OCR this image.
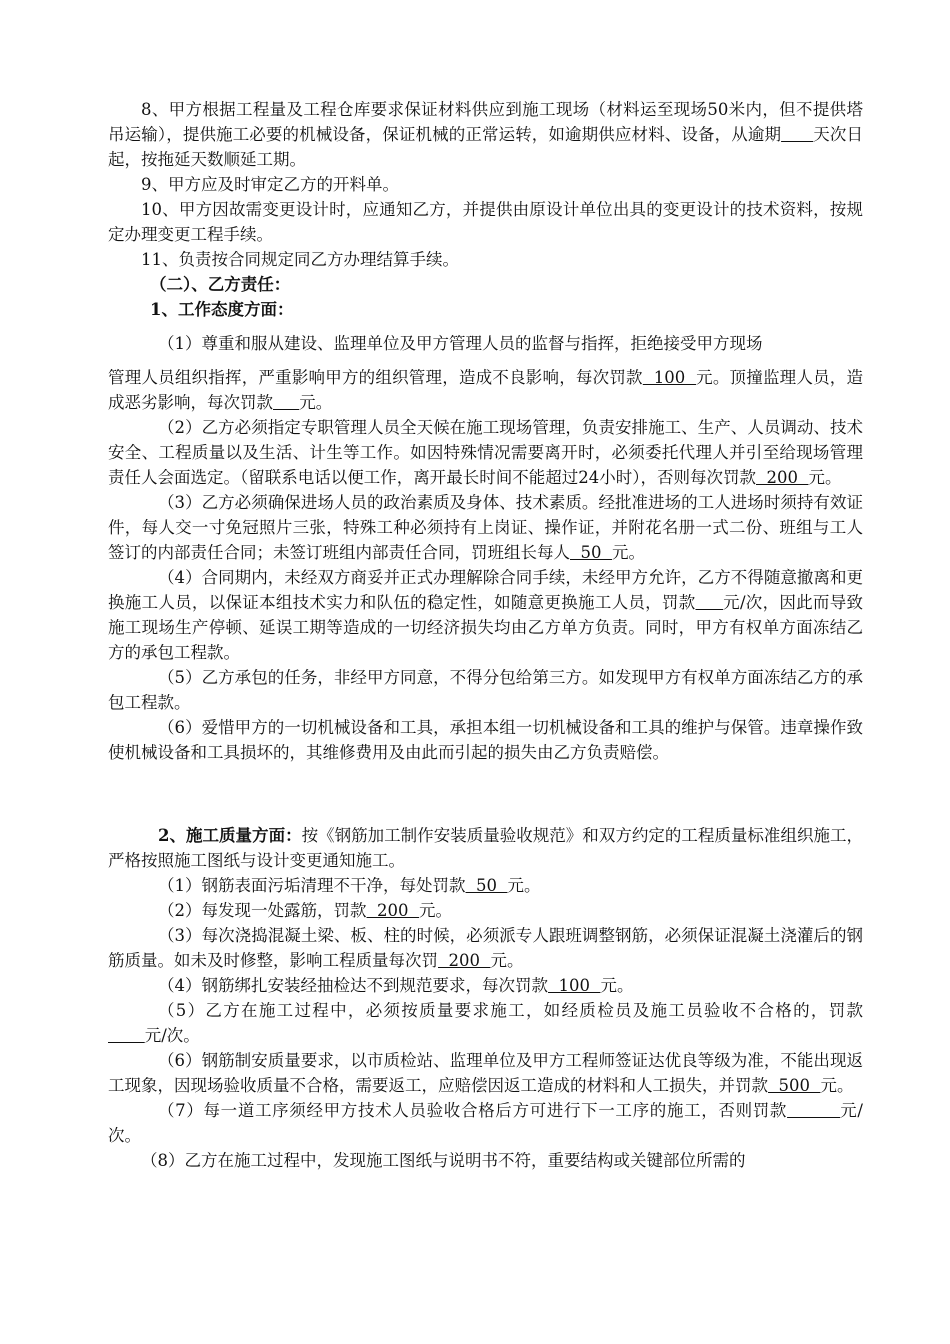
8、甲方根据工程量及工程仓库要求保证材料供应到施工现场（材料运至现场50米内，但不提供塔吊运输），提供施工必要的机械设备，保证机械的正常运转，如逾期供应材料、设备，从逾期 天次日起，按拖延天数顺延工期。

9、甲方应及时审定乙方的开料单。

10、甲方因故需变更设计时，应通知乙方，并提供由原设计单位出具的变更设计的技术资料，按规定办理变更工程手续。

11、负责按合同规定同乙方办理结算手续。

（二）、乙方责任：

1、工作态度方面：

（1）尊重和服从建设、监理单位及甲方管理人员的监督与指挥，拒绝接受甲方现场

管理人员组织指挥，严重影响甲方的组织管理，造成不良影响，每次罚款  100  元。顶撞监理人员，造成恶劣影响，每次罚款 元。

（2）乙方必须指定专职管理人员全天候在施工现场管理，负责安排施工、生产、人员调动、技术安全、工程质量以及生活、计生等工作。如因特殊情况需要离开时，必须委托代理人并引至给现场管理责任人会面选定。（留联系电话以便工作，离开最长时间不能超过24小时），否则每次罚款  200  元。

（3）乙方必须确保进场人员的政治素质及身体、技术素质。经批准进场的工人进场时须持有效证件，每人交一寸免冠照片三张，特殊工种必须持有上岗证、操作证，并附花名册一式二份、班组与工人签订的内部责任合同；未签订班组内部责任合同，罚班组长每人  50  元。

（4）合同期内，未经双方商妥并正式办理解除合同手续，未经甲方允许，乙方不得随意撤离和更换施工人员，以保证本组技术实力和队伍的稳定性，如随意更换施工人员，罚款 元/次，因此而导致施工现场生产停顿、延误工期等造成的一切经济损失均由乙方单方负责。同时，甲方有权单方面冻结乙方的承包工程款。

（5）乙方承包的任务，非经甲方同意，不得分包给第三方。如发现甲方有权单方面冻结乙方的承包工程款。

（6）爱惜甲方的一切机械设备和工具，承担本组一切机械设备和工具的维护与保管。违章操作致使机械设备和工具损坏的，其维修费用及由此而引起的损失由乙方负责赔偿。

2、施工质量方面：按《钢筋加工制作安装质量验收规范》和双方约定的工程质量标准组织施工，严格按照施工图纸与设计变更通知施工。

（1）钢筋表面污垢清理不干净，每处罚款  50  元。

（2）每发现一处露筋，罚款  200  元。

（3）每次浇捣混凝土梁、板、柱的时候，必须派专人跟班调整钢筋，必须保证混凝土浇灌后的钢筋质量。如未及时修整，影响工程质量每次罚  200  元。

（4）钢筋绑扎安装经抽检达不到规范要求，每次罚款  100  元。

（5）乙方在施工过程中，必须按质量要求施工，如经质检员及施工员验收不合格的，罚款       元/次。

（6）钢筋制安质量要求，以市质检站、监理单位及甲方工程师签证达优良等级为准，不能出现返工现象，因现场验收质量不合格，需要返工，应赔偿因返工造成的材料和人工损失，并罚款  500  元。

（7）每一道工序须经甲方技术人员验收合格后方可进行下一工序的施工，否则罚款	元/次。

（8）乙方在施工过程中，发现施工图纸与说明书不符，重要结构或关键部位所需的
